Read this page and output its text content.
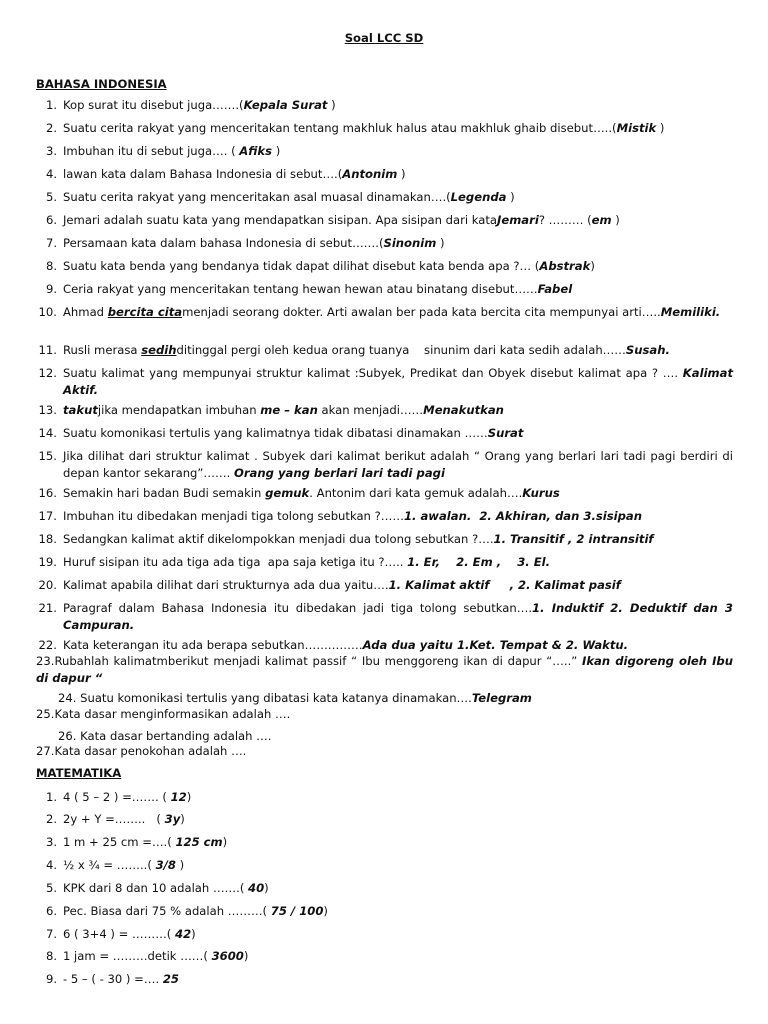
Soal LCC SD
BAHASA INDONESIA
1. Kop surat itu disebut juga…….(Kepala Surat )
2. Suatu cerita rakyat yang menceritakan tentang makhluk halus atau makhluk ghaib disebut…..(Mistik )
3. Imbuhan itu di sebut juga…. ( Afiks )
4. lawan kata dalam Bahasa Indonesia di sebut….(Antonim )
5. Suatu cerita rakyat yang menceritakan asal muasal dinamakan….(Legenda )
6. Jemari adalah suatu kata yang mendapatkan sisipan. Apa sisipan dari kataJemari? ……… (em )
7. Persamaan kata dalam bahasa Indonesia di sebut…….(Sinonim )
8. Suatu kata benda yang bendanya tidak dapat dilihat disebut kata benda apa ?… (Abstrak)
9. Ceria rakyat yang menceritakan tentang hewan hewan atau binatang disebut……Fabel
10. Ahmad bercita citamenjadi seorang dokter. Arti awalan ber pada kata bercita cita mempunyai arti…..Memiliki.
11. Rusli merasa sedihditinggal pergi oleh kedua orang tuanya    sinunim dari kata sedih adalah……Susah.
12. Suatu kalimat yang mempunyai struktur kalimat :Subyek, Predikat dan Obyek disebut kalimat apa ? …. Kalimat Aktif.
13. takutjika mendapatkan imbuhan me – kan akan menjadi……Menakutkan
14. Suatu komonikasi tertulis yang kalimatnya tidak dibatasi dinamakan ……Surat
15. Jika dilihat dari struktur kalimat . Subyek dari kalimat berikut adalah “ Orang yang berlari lari tadi pagi berdiri di depan kantor sekarang”……. Orang yang berlari lari tadi pagi
16. Semakin hari badan Budi semakin gemuk. Antonim dari kata gemuk adalah….Kurus
17. Imbuhan itu dibedakan menjadi tiga tolong sebutkan ?……1. awalan.  2. Akhiran, dan 3.sisipan
18. Sedangkan kalimat aktif dikelompokkan menjadi dua tolong sebutkan ?….1. Transitif , 2 intransitif
19. Huruf sisipan itu ada tiga ada tiga  apa saja ketiga itu ?….. 1. Er,    2. Em ,    3. El.
20. Kalimat apabila dilihat dari strukturnya ada dua yaitu….1. Kalimat aktif     , 2. Kalimat pasif
21. Paragraf dalam Bahasa Indonesia itu dibedakan jadi tiga tolong sebutkan….1. Induktif 2. Deduktif dan 3 Campuran.
22. Kata keterangan itu ada berapa sebutkan……………Ada dua yaitu 1.Ket. Tempat & 2. Waktu.
23.Rubahlah kalimatmberikut menjadi kalimat passif “ Ibu menggoreng ikan di dapur “…..” Ikan digoreng oleh Ibu di dapur “
24. Suatu komonikasi tertulis yang dibatasi kata katanya dinamakan….Telegram
25.Kata dasar menginformasikan adalah ….
26. Kata dasar bertanding adalah ….
27.Kata dasar penokohan adalah ….
MATEMATIKA
1. 4 ( 5 – 2 ) =……. ( 12)
2. 2y + Y =……..   ( 3y)
3. 1 m + 25 cm =….( 125 cm)
4. ½ x ¾ = ……..( 3/8 )
5. KPK dari 8 dan 10 adalah …….( 40)
6. Pec. Biasa dari 75 % adalah ………( 75 / 100)
7. 6 ( 3+4 ) = ………( 42)
8. 1 jam = ………detik ……( 3600)
9. - 5 – ( - 30 ) =…. 25
